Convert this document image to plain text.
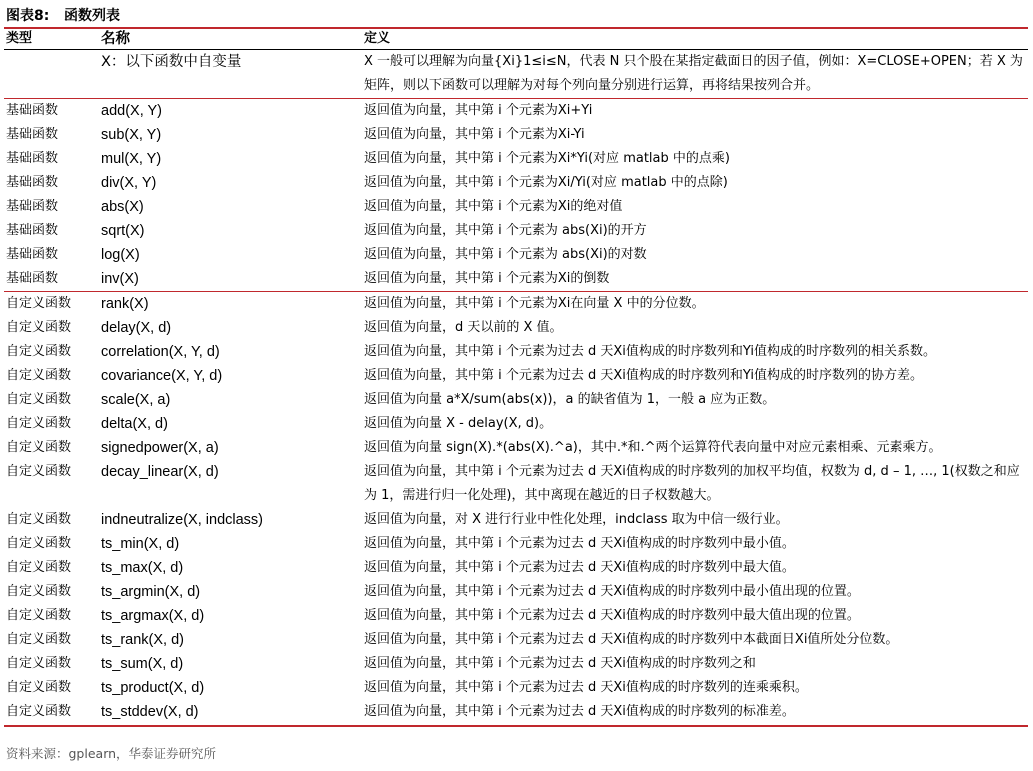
图表8:   函数列表
类型	名称	定义
	X：以下函数中自变量	X 一般可以理解为向量{Xi}1≤i≤N，代表 N 只个股在某指定截面日的因子值，例如：X=CLOSE+OPEN；若 X 为矩阵，则以下函数可以理解为对每个列向量分别进行运算，再将结果按列合并。
基础函数	add(X, Y)	返回值为向量，其中第 i 个元素为Xi+Yi
基础函数	sub(X, Y)	返回值为向量，其中第 i 个元素为Xi-Yi
基础函数	mul(X, Y)	返回值为向量，其中第 i 个元素为Xi*Yi(对应 matlab 中的点乘)
基础函数	div(X, Y)	返回值为向量，其中第 i 个元素为Xi/Yi(对应 matlab 中的点除)
基础函数	abs(X)	返回值为向量，其中第 i 个元素为Xi的绝对值
基础函数	sqrt(X)	返回值为向量，其中第 i 个元素为 abs(Xi)的开方
基础函数	log(X)	返回值为向量，其中第 i 个元素为 abs(Xi)的对数
基础函数	inv(X)	返回值为向量，其中第 i 个元素为Xi的倒数
自定义函数	rank(X)	返回值为向量，其中第 i 个元素为Xi在向量 X 中的分位数。
自定义函数	delay(X, d)	返回值为向量，d 天以前的 X 值。
自定义函数	correlation(X, Y, d)	返回值为向量，其中第 i 个元素为过去 d 天Xi值构成的时序数列和Yi值构成的时序数列的相关系数。
自定义函数	covariance(X, Y, d)	返回值为向量，其中第 i 个元素为过去 d 天Xi值构成的时序数列和Yi值构成的时序数列的协方差。
自定义函数	scale(X, a)	返回值为向量 a*X/sum(abs(x))，a 的缺省值为 1，一般 a 应为正数。
自定义函数	delta(X, d)	返回值为向量 X - delay(X, d)。
自定义函数	signedpower(X, a)	返回值为向量 sign(X).*(abs(X).^a)，其中.*和.^两个运算符代表向量中对应元素相乘、元素乘方。
自定义函数	decay_linear(X, d)	返回值为向量，其中第 i 个元素为过去 d 天Xi值构成的时序数列的加权平均值，权数为 d, d – 1, …, 1(权数之和应为 1，需进行归一化处理)，其中离现在越近的日子权数越大。
自定义函数	indneutralize(X, indclass)	返回值为向量，对 X 进行行业中性化处理，indclass 取为中信一级行业。
自定义函数	ts_min(X, d)	返回值为向量，其中第 i 个元素为过去 d 天Xi值构成的时序数列中最小值。
自定义函数	ts_max(X, d)	返回值为向量，其中第 i 个元素为过去 d 天Xi值构成的时序数列中最大值。
自定义函数	ts_argmin(X, d)	返回值为向量，其中第 i 个元素为过去 d 天Xi值构成的时序数列中最小值出现的位置。
自定义函数	ts_argmax(X, d)	返回值为向量，其中第 i 个元素为过去 d 天Xi值构成的时序数列中最大值出现的位置。
自定义函数	ts_rank(X, d)	返回值为向量，其中第 i 个元素为过去 d 天Xi值构成的时序数列中本截面日Xi值所处分位数。
自定义函数	ts_sum(X, d)	返回值为向量，其中第 i 个元素为过去 d 天Xi值构成的时序数列之和
自定义函数	ts_product(X, d)	返回值为向量，其中第 i 个元素为过去 d 天Xi值构成的时序数列的连乘乘积。
自定义函数	ts_stddev(X, d)	返回值为向量，其中第 i 个元素为过去 d 天Xi值构成的时序数列的标准差。
资料来源：gplearn，华泰证券研究所
